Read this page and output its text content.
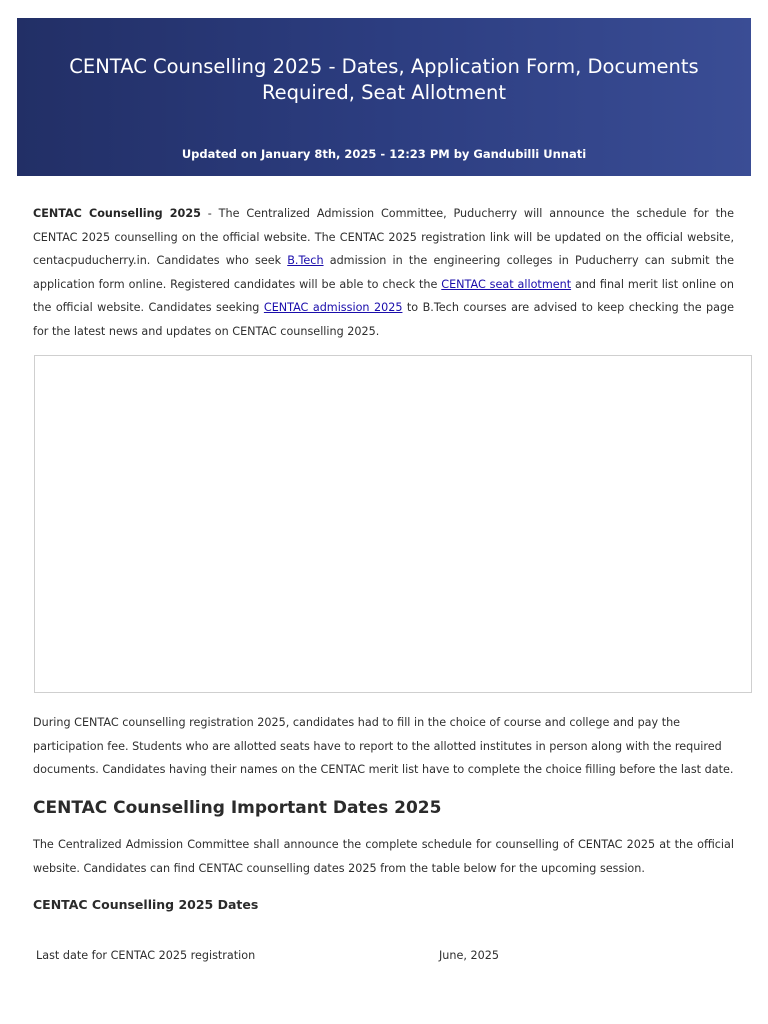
CENTAC Counselling 2025 - Dates, Application Form, Documents Required, Seat Allotment
Updated on January 8th, 2025 - 12:23 PM by Gandubilli Unnati

CENTAC Counselling 2025 - The Centralized Admission Committee, Puducherry will announce the schedule for the CENTAC 2025 counselling on the official website. The CENTAC 2025 registration link will be updated on the official website, centacpuducherry.in. Candidates who seek B.Tech admission in the engineering colleges in Puducherry can submit the application form online. Registered candidates will be able to check the CENTAC seat allotment and final merit list online on the official website. Candidates seeking CENTAC admission 2025 to B.Tech courses are advised to keep checking the page for the latest news and updates on CENTAC counselling 2025.

During CENTAC counselling registration 2025, candidates had to fill in the choice of course and college and pay the participation fee. Students who are allotted seats have to report to the allotted institutes in person along with the required documents. Candidates having their names on the CENTAC merit list have to complete the choice filling before the last date.

CENTAC Counselling Important Dates 2025

The Centralized Admission Committee shall announce the complete schedule for counselling of CENTAC 2025 at the official website. Candidates can find CENTAC counselling dates 2025 from the table below for the upcoming session.

CENTAC Counselling 2025 Dates
Last date for CENTAC 2025 registration	June, 2025
